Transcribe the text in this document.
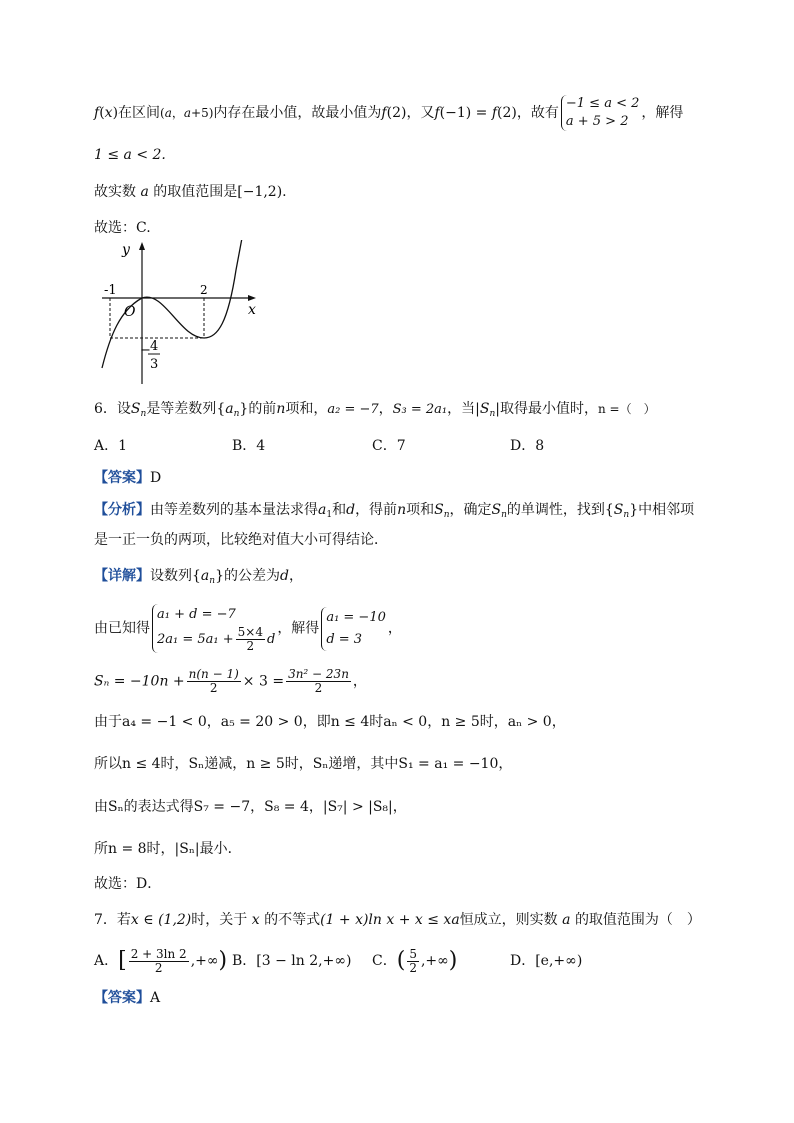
f(x)在区间(a，a+5)内存在最小值，故最小值为f(2)，又f(−1) = f(2)，故有
−1 ≤ a < 2
a + 5 > 2
，解得
1 ≤ a < 2.
故实数 a 的取值范围是[−1,2).
故选：C.
y
x
-1	2
O
− 4
3
6．设$S_n$是等差数列$\{a_n\}$的前n项和，a₂ = −7，S₃ = 2a₁，当$|S_n|$取得最小值时，n =（　）
A．1	B．4	C．7	D．8
【答案】D
【分析】由等差数列的基本量法求得$a_1$和d，得前n项和$S_n$，确定$S_n$的单调性，找到$\{S_n\}$中相邻项
是一正一负的两项，比较绝对值大小可得结论．
【详解】设数列$\{a_n\}$的公差为d，
由已知得
a₁ + d = −7
$2a_1 = 5a_1 + \frac{5\times 4}{2}$ d
，解得
a₁ = −10
d = 3
，
$S_n = -10n + \frac{n(n - 1)}{2} \times 3 = \frac{\text{3n² − 23n}}{2}$ ，
由于a₄ = −1 < 0，a₅ = 20 > 0，即n ≤ 4时aₙ < 0，n ≥ 5时，aₙ > 0，
所以n ≤ 4时，Sₙ递减，n ≥ 5时，Sₙ递增，其中S₁ = a₁ = −10，
由Sₙ的表达式得S₇ = −7，S₈ = 4，|S₇| > |S₈|，
所n = 8时，|Sₙ|最小．
故选：D．
7．若x ∈ (1,2)时，关于 x 的不等式(1 + x)ln x + x ≤ xa恒成立，则实数 a 的取值范围为（　）
A．[ $\frac{2 + 3\ln 2}{2}$ ,+∞) B．[3 − ln 2,+∞) C．( $\frac{5}{2}$ ,+∞)	D．[e,+∞)
【答案】A
